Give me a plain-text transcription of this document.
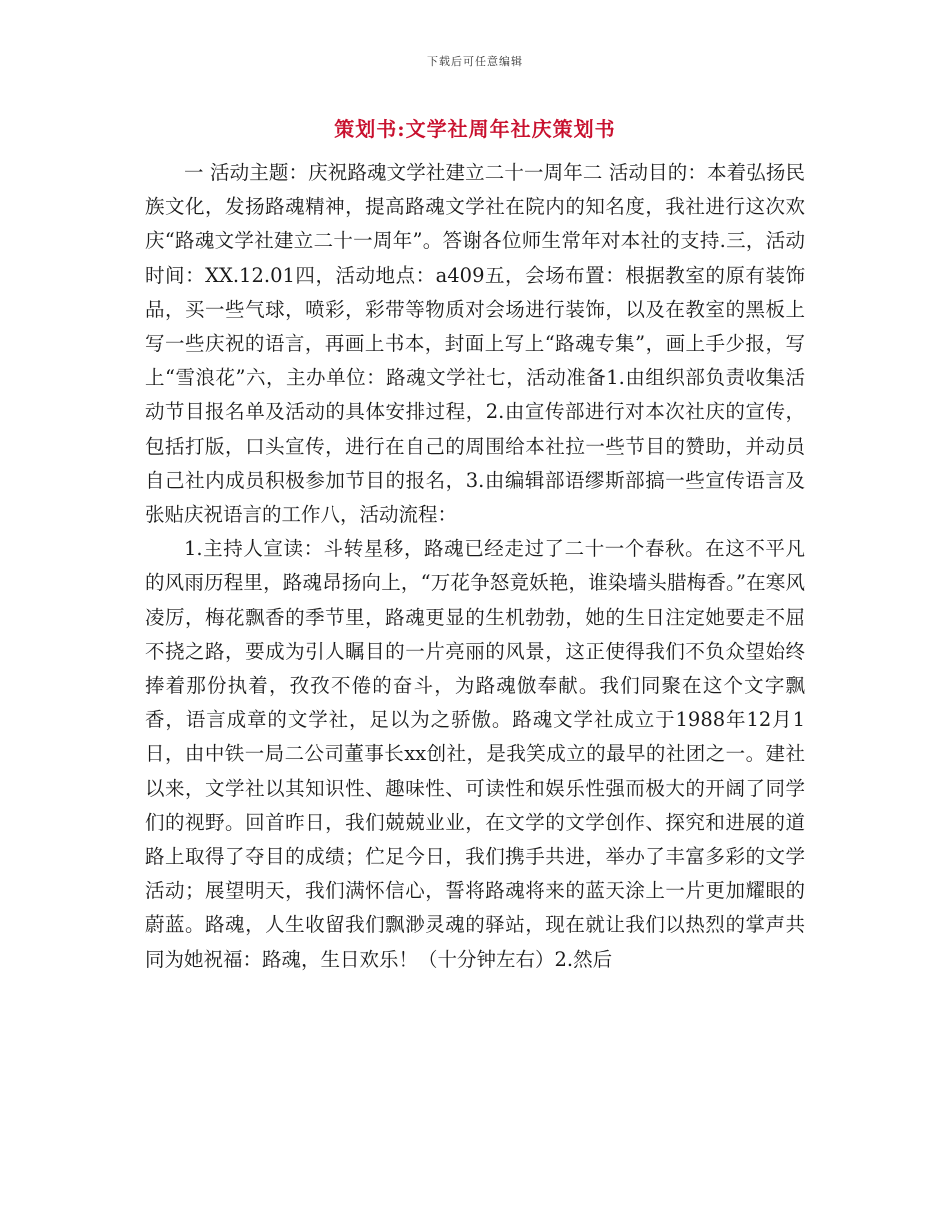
下载后可任意编辑
策划书:文学社周年社庆策划书

一 活动主题：庆祝路魂文学社建立二十一周年二 活动目的：本着弘扬民族文化，发扬路魂精神，提高路魂文学社在院内的知名度，我社进行这次欢庆“路魂文学社建立二十一周年”。答谢各位师生常年对本社的支持.三，活动时间：XX.12.01四，活动地点：a409五，会场布置：根据教室的原有装饰品，买一些气球，喷彩，彩带等物质对会场进行装饰，以及在教室的黑板上写一些庆祝的语言，再画上书本，封面上写上“路魂专集”，画上手少报，写上“雪浪花”六，主办单位：路魂文学社七，活动准备1.由组织部负责收集活动节目报名单及活动的具体安排过程，2.由宣传部进行对本次社庆的宣传，包括打版，口头宣传，进行在自己的周围给本社拉一些节目的赞助，并动员自己社内成员积极参加节目的报名，3.由编辑部语缪斯部搞一些宣传语言及张贴庆祝语言的工作八，活动流程：

1.主持人宣读：斗转星移，路魂已经走过了二十一个春秋。在这不平凡的风雨历程里，路魂昂扬向上，“万花争怒竟妖艳，谁染墙头腊梅香。”在寒风凌厉，梅花飘香的季节里，路魂更显的生机勃勃，她的生日注定她要走不屈不挠之路，要成为引人瞩目的一片亮丽的风景，这正使得我们不负众望始终捧着那份执着，孜孜不倦的奋斗，为路魂倣奉献。我们同聚在这个文字飘香，语言成章的文学社，足以为之骄傲。路魂文学社成立于1988年12月1日，由中铁一局二公司董事长xx创社，是我笑成立的最早的社团之一。建社以来，文学社以其知识性、趣味性、可读性和娱乐性强而极大的开阔了同学们的视野。回首昨日，我们兢兢业业，在文学的文学创作、探究和进展的道路上取得了夺目的成绩；伫足今日，我们携手共进，举办了丰富多彩的文学活动；展望明天，我们满怀信心，誓将路魂将来的蓝天涂上一片更加耀眼的蔚蓝。路魂，人生收留我们飘渺灵魂的驿站，现在就让我们以热烈的掌声共同为她祝福：路魂，生日欢乐！（十分钟左右）2.然后
